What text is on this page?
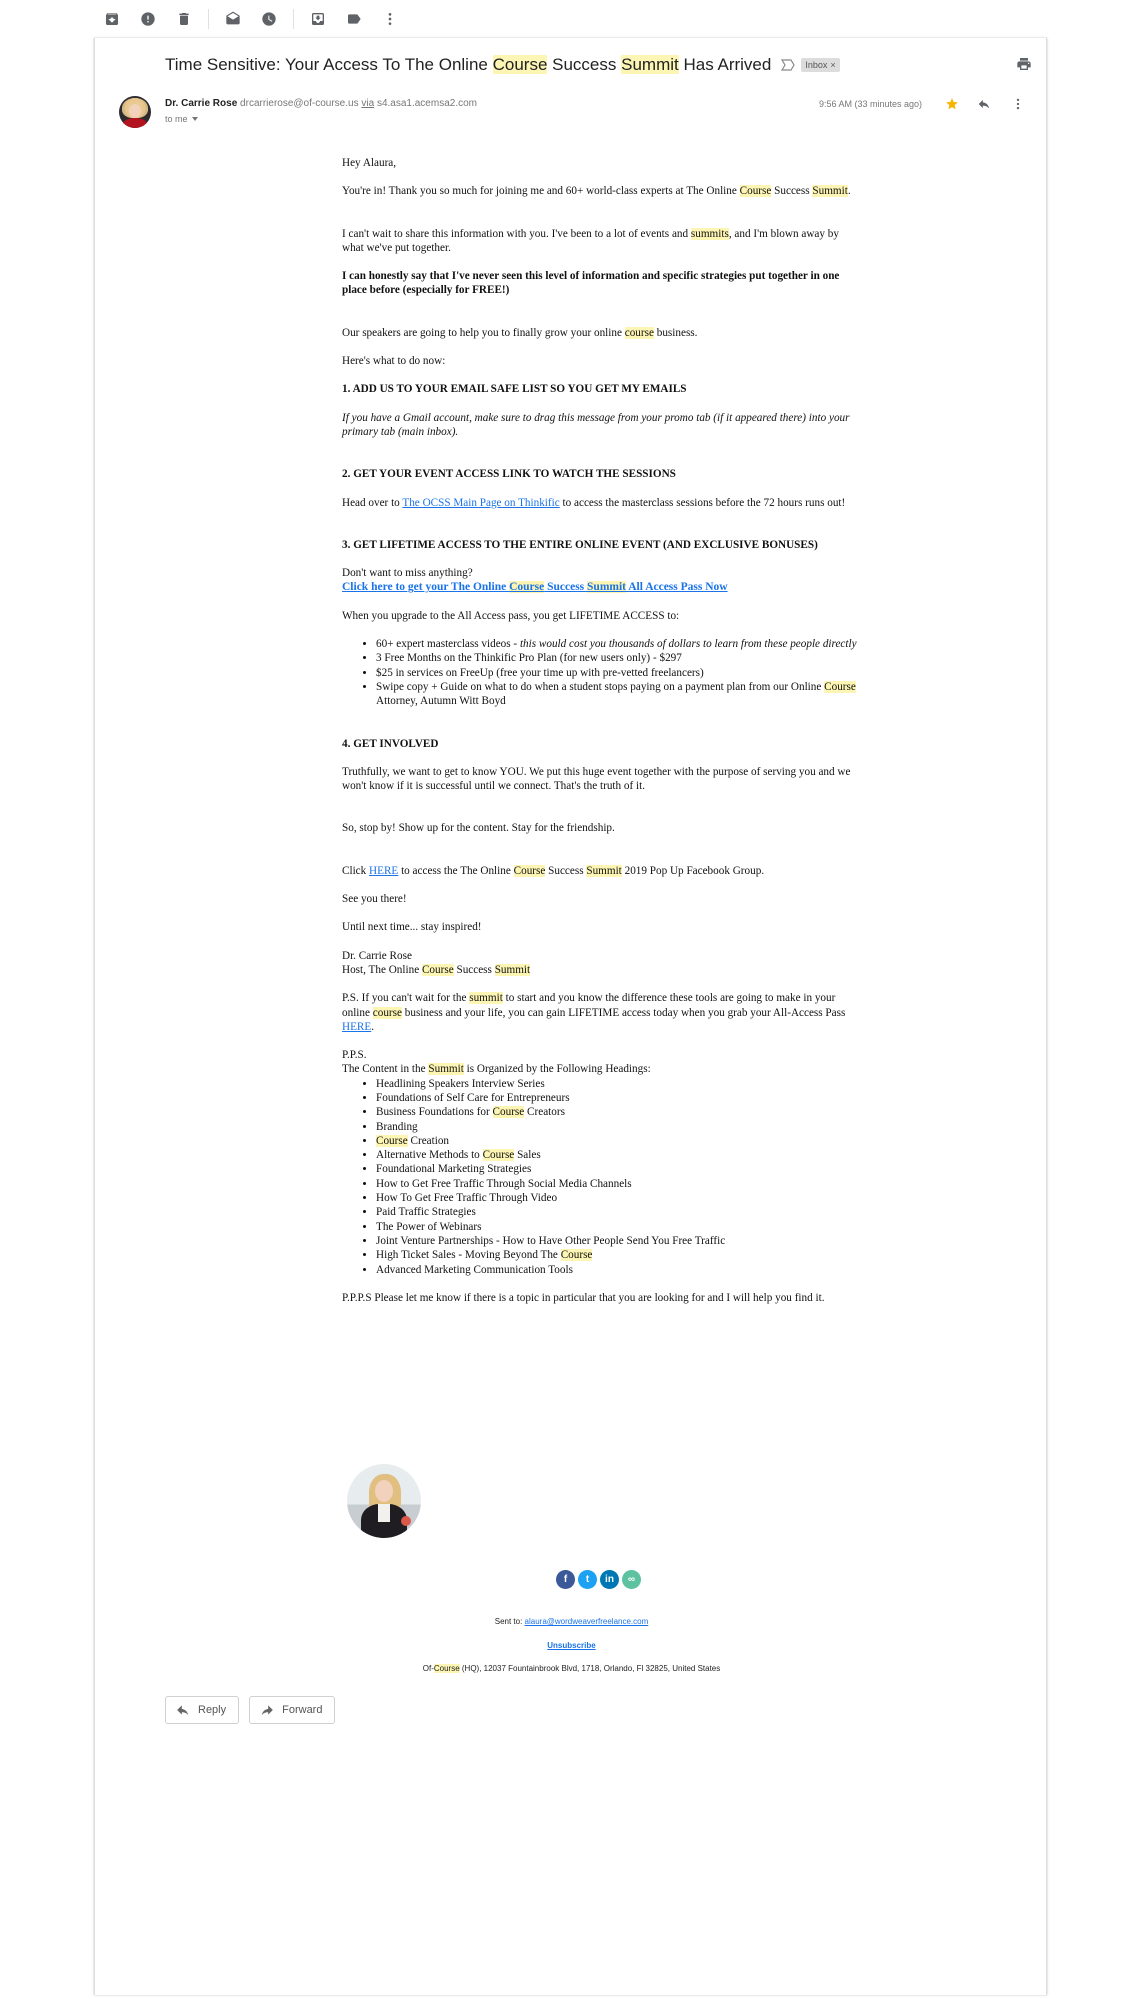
Time Sensitive: Your Access To The Online Course Success Summit Has Arrived	Inbox ×
Dr. Carrie Rose drcarrierose@of-course.us via s4.asa1.acemsa2.com
to me
9:56 AM (33 minutes ago)

Hey Alaura,

You're in! Thank you so much for joining me and 60+ world-class experts at The Online Course Success Summit.

I can't wait to share this information with you. I've been to a lot of events and summits, and I'm blown away by what we've put together.

I can honestly say that I've never seen this level of information and specific strategies put together in one place before (especially for FREE!)

Our speakers are going to help you to finally grow your online course business.

Here's what to do now:

1. ADD US TO YOUR EMAIL SAFE LIST SO YOU GET MY EMAILS

If you have a Gmail account, make sure to drag this message from your promo tab (if it appeared there) into your primary tab (main inbox).

2. GET YOUR EVENT ACCESS LINK TO WATCH THE SESSIONS

Head over to The OCSS Main Page on Thinkific to access the masterclass sessions before the 72 hours runs out!

3. GET LIFETIME ACCESS TO THE ENTIRE ONLINE EVENT (AND EXCLUSIVE BONUSES)

Don't want to miss anything?
Click here to get your The Online Course Success Summit All Access Pass Now

When you upgrade to the All Access pass, you get LIFETIME ACCESS to:

• 60+ expert masterclass videos - this would cost you thousands of dollars to learn from these people directly
• 3 Free Months on the Thinkific Pro Plan (for new users only) - $297
• $25 in services on FreeUp (free your time up with pre-vetted freelancers)
• Swipe copy + Guide on what to do when a student stops paying on a payment plan from our Online Course Attorney, Autumn Witt Boyd

4. GET INVOLVED

Truthfully, we want to get to know YOU. We put this huge event together with the purpose of serving you and we won't know if it is successful until we connect. That's the truth of it.

So, stop by! Show up for the content. Stay for the friendship.

Click HERE to access the The Online Course Success Summit 2019 Pop Up Facebook Group.

See you there!

Until next time... stay inspired!

Dr. Carrie Rose
Host, The Online Course Success Summit

P.S. If you can't wait for the summit to start and you know the difference these tools are going to make in your online course business and your life, you can gain LIFETIME access today when you grab your All-Access Pass HERE.

P.P.S.
The Content in the Summit is Organized by the Following Headings:

• Headlining Speakers Interview Series
• Foundations of Self Care for Entrepreneurs
• Business Foundations for Course Creators
• Branding
• Course Creation
• Alternative Methods to Course Sales
• Foundational Marketing Strategies
• How to Get Free Traffic Through Social Media Channels
• How To Get Free Traffic Through Video
• Paid Traffic Strategies
• The Power of Webinars
• Joint Venture Partnerships - How to Have Other People Send You Free Traffic
• High Ticket Sales - Moving Beyond The Course
• Advanced Marketing Communication Tools

P.P.P.S Please let me know if there is a topic in particular that you are looking for and I will help you find it.

f	t	in	∞
Sent to: alaura@wordweaverfreelance.com
Unsubscribe
Of-Course (HQ), 12037 Fountainbrook Blvd, 1718, Orlando, Fl 32825, United States
Reply	Forward
